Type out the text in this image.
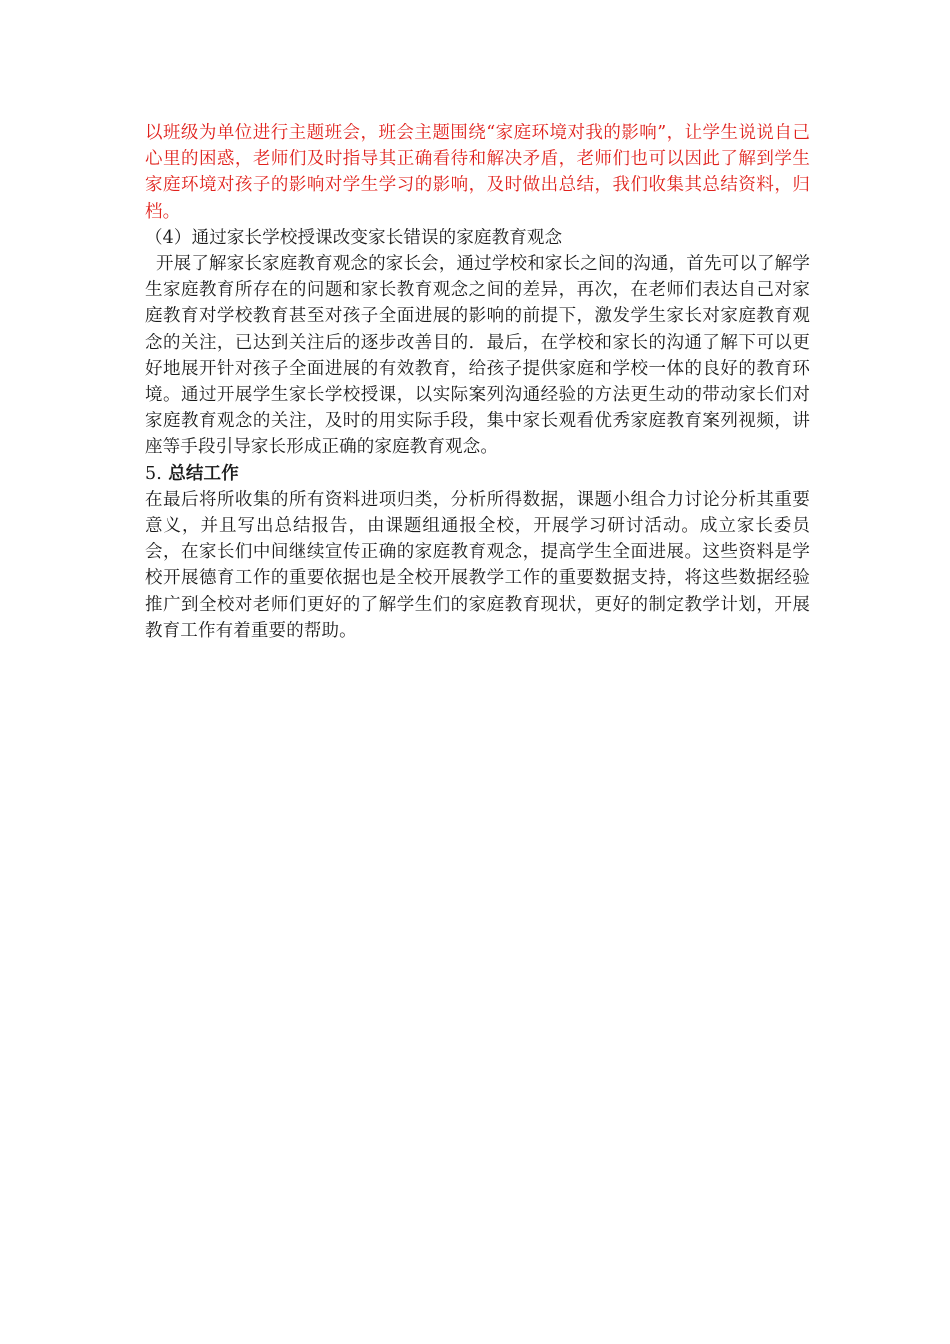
以班级为单位进行主题班会，班会主题围绕“家庭环境对我的影响”，让学生说说自己心里的困惑，老师们及时指导其正确看待和解决矛盾，老师们也可以因此了解到学生家庭环境对孩子的影响对学生学习的影响，及时做出总结，我们收集其总结资料，归档。

（4）通过家长学校授课改变家长错误的家庭教育观念

开展了解家长家庭教育观念的家长会，通过学校和家长之间的沟通，首先可以了解学生家庭教育所存在的问题和家长教育观念之间的差异，再次，在老师们表达自己对家庭教育对学校教育甚至对孩子全面进展的影响的前提下，激发学生家长对家庭教育观念的关注，已达到关注后的逐步改善目的．最后，在学校和家长的沟通了解下可以更好地展开针对孩子全面进展的有效教育，给孩子提供家庭和学校一体的良好的教育环境。通过开展学生家长学校授课，以实际案列沟通经验的方法更生动的带动家长们对家庭教育观念的关注，及时的用实际手段，集中家长观看优秀家庭教育案列视频，讲座等手段引导家长形成正确的家庭教育观念。

5. 总结工作

在最后将所收集的所有资料进项归类，分析所得数据，课题小组合力讨论分析其重要意义，并且写出总结报告，由课题组通报全校，开展学习研讨活动。成立家长委员会，在家长们中间继续宣传正确的家庭教育观念，提高学生全面进展。这些资料是学校开展德育工作的重要依据也是全校开展教学工作的重要数据支持，将这些数据经验推广到全校对老师们更好的了解学生们的家庭教育现状，更好的制定教学计划，开展教育工作有着重要的帮助。
